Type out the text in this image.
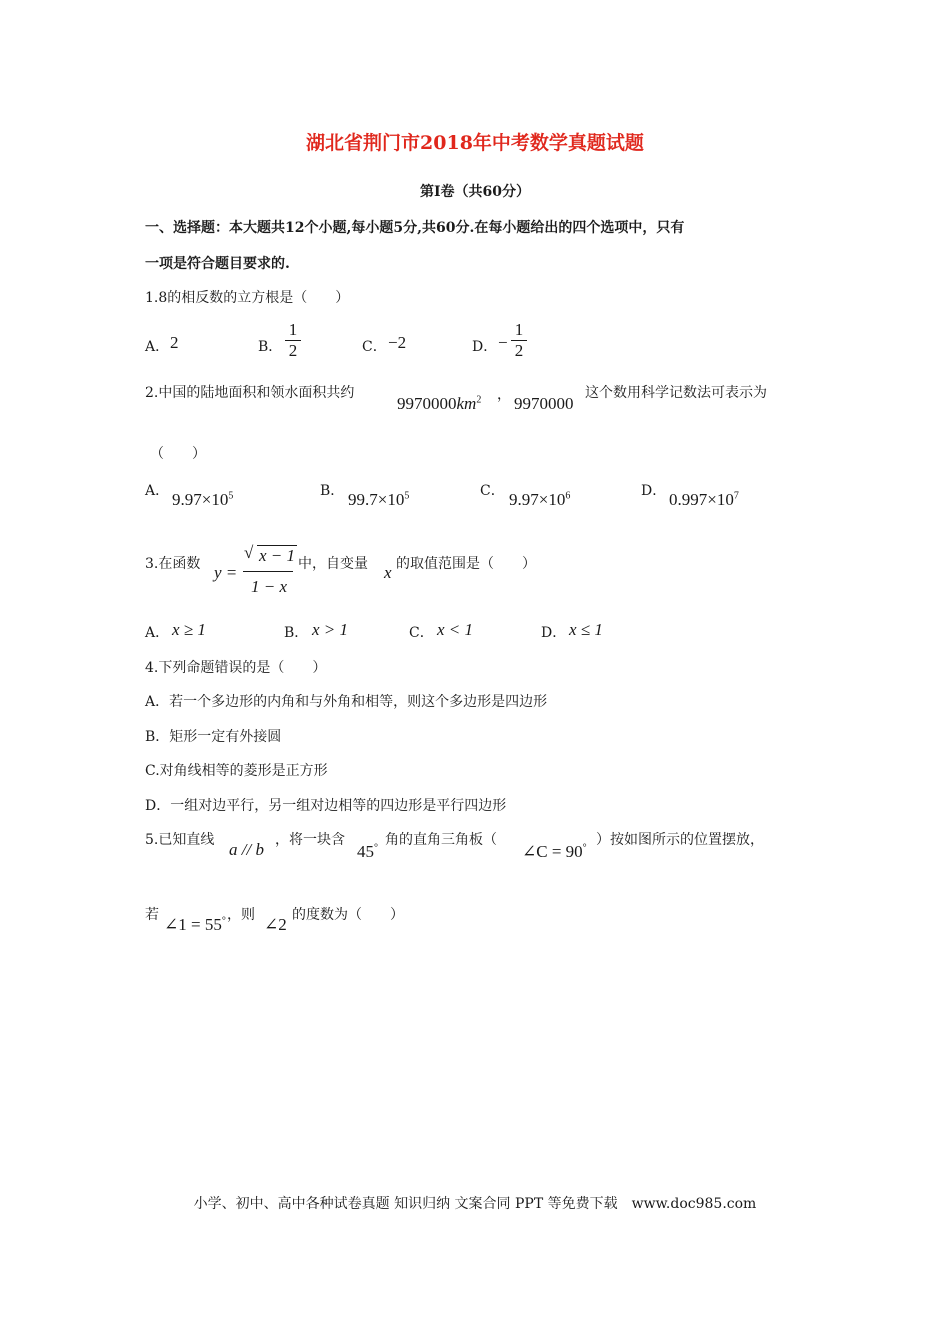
湖北省荆门市2018年中考数学真题试题
第Ⅰ卷（共60分）
一、选择题：本大题共12个小题,每小题5分,共60分.在每小题给出的四个选项中，只有
一项是符合题目要求的.
1.8的相反数的立方根是（　　）
A． 2	B．
1
2	C． −2	D． −
1
2
2.中国的陆地面积和领水面积共约
$9970000km^2$ ， 9970000
这个数用科学记数法可表示为
（　　）
A． $9.97\times 10^5$	B． $99.7\times 10^5$	C． $9.97\times 10^6$	D． $0.997\times 10^7$
3.在函数 y =
√ x − 1
1 − x
中，自变量 x 的取值范围是（　　）
A． x ≥ 1	B． x > 1	C． x < 1	D． x ≤ 1
4.下列命题错误的是（　　）
A．若一个多边形的内角和与外角和相等，则这个多边形是四边形
B．矩形一定有外接圆
C.对角线相等的菱形是正方形
D．一组对边平行，另一组对边相等的四边形是平行四边形
5.已知直线 a // b ，将一块含
45° 角的直角三角板（
∠C = 90° ）按如图所示的位置摆放，
若 ∠1 = 55° ，则 ∠2 的度数为（　　）
小学、初中、高中各种试卷真题 知识归纳 文案合同 PPT 等免费下载　www.doc985.com
